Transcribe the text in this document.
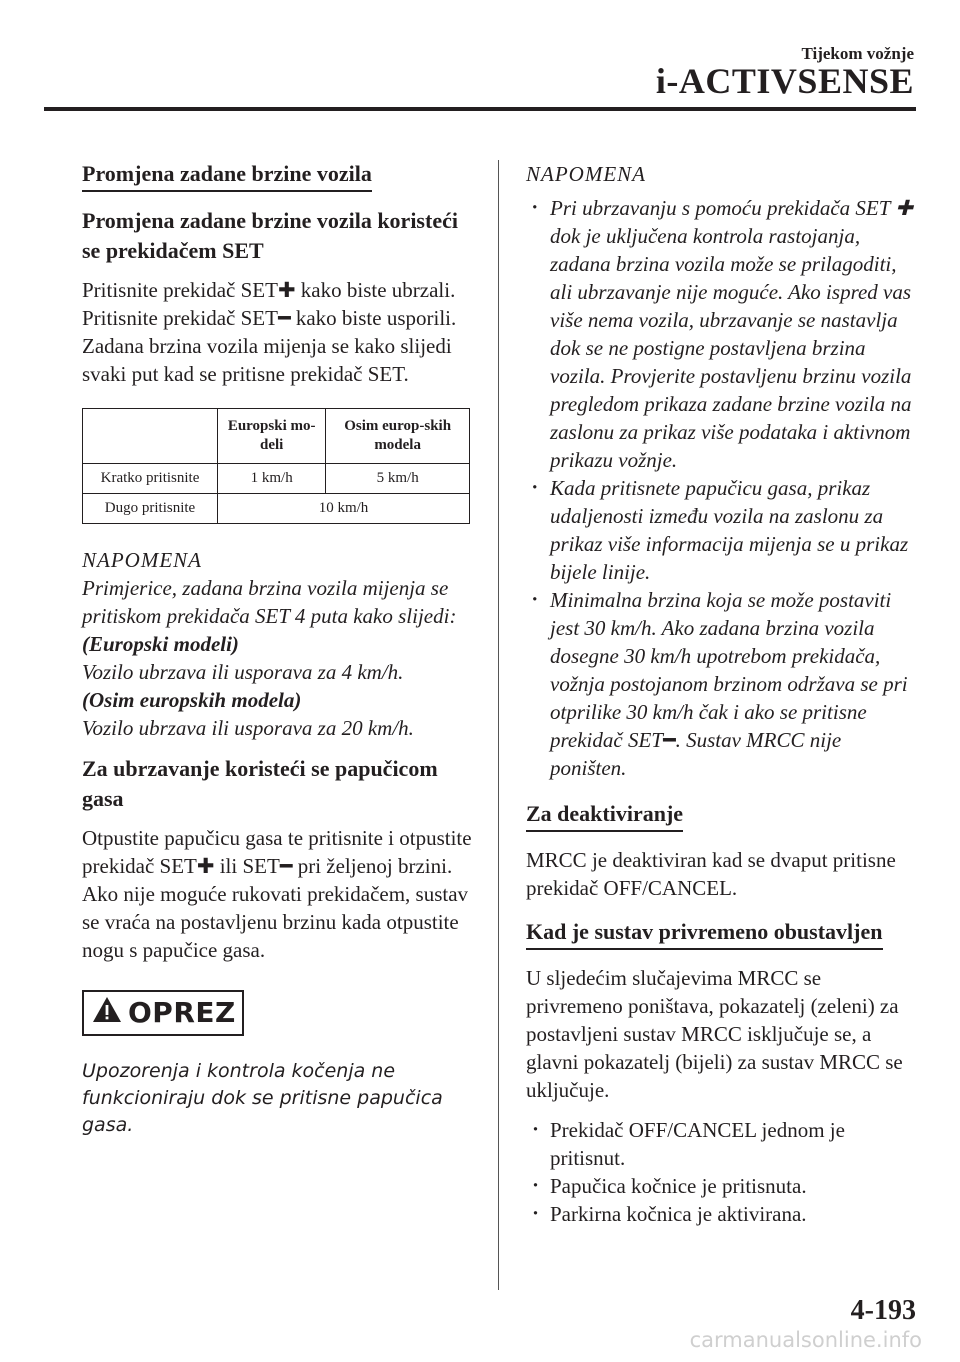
Tijekom vožnje
i-ACTIVSENSE
Promjena zadane brzine vozila
Promjena zadane brzine vozila koristeći se prekidačem SET

Pritisnite prekidač SET✚ kako biste ubrzali.

Pritisnite prekidač SET━ kako biste usporili.

Zadana brzina vozila mijenja se kako slijedi svaki put kad se pritisne prekidač SET.

	Europski mo-deli	Osim europ-skih modela
Kratko pritisnite	1 km/h	5 km/h
Dugo pritisnite	10 km/h	

NAPOMENA

Primjerice, zadana brzina vozila mijenja se pritiskom prekidača SET 4 puta kako slijedi:

(Europski modeli)

Vozilo ubrzava ili usporava za 4 km/h.

(Osim europskih modela)

Vozilo ubrzava ili usporava za 20 km/h.

Za ubrzavanje koristeći se papučicom gasa

Otpustite papučicu gasa te pritisnite i otpustite prekidač SET✚ ili SET━ pri željenoj brzini. Ako nije moguće rukovati prekidačem, sustav se vraća na postavljenu brzinu kada otpustite nogu s papučice gasa.

OPREZ
Upozorenja i kontrola kočenja ne funkcioniraju dok se pritisne papučica gasa.

NAPOMENA

· Pri ubrzavanju s pomoću prekidača SET ✚ dok je uključena kontrola rastojanja, zadana brzina vozila može se prilagoditi, ali ubrzavanje nije moguće. Ako ispred vas više nema vozila, ubrzavanje se nastavlja dok se ne postigne postavljena brzina vozila. Provjerite postavljenu brzinu vozila pregledom prikaza zadane brzine vozila na zaslonu za prikaz više podataka i aktivnom prikazu vožnje.
· Kada pritisnete papučicu gasa, prikaz udaljenosti između vozila na zaslonu za prikaz više informacija mijenja se u prikaz bijele linije.
· Minimalna brzina koja se može postaviti jest 30 km/h. Ako zadana brzina vozila dosegne 30 km/h upotrebom prekidača, vožnja postojanom brzinom održava se pri otprilike 30 km/h čak i ako se pritisne prekidač SET━. Sustav MRCC nije poništen.
Za deaktiviranje

MRCC je deaktiviran kad se dvaput pritisne prekidač OFF/CANCEL.

Kad je sustav privremeno obustavljen

U sljedećim slučajevima MRCC se privremeno poništava, pokazatelj (zeleni) za postavljeni sustav MRCC isključuje se, a glavni pokazatelj (bijeli) za sustav MRCC se uključuje.

· Prekidač OFF/CANCEL jednom je pritisnut.
· Papučica kočnice je pritisnuta.
· Parkirna kočnica je aktivirana.
4-193
carmanualsonline.info
